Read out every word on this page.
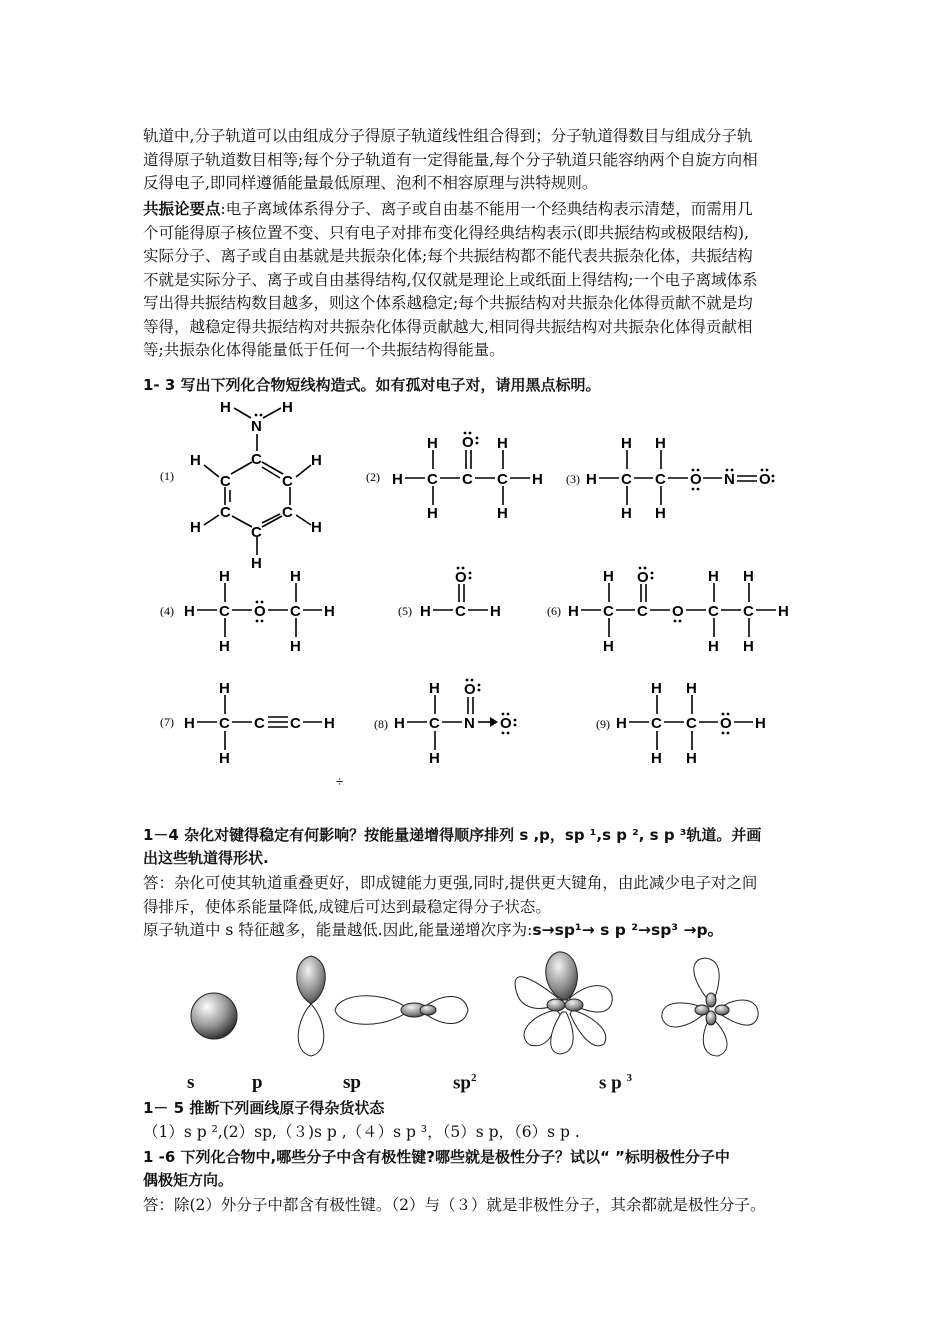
轨道中,分子轨道可以由组成分子得原子轨道线性组合得到；分子轨道得数目与组成分子轨
道得原子轨道数目相等;每个分子轨道有一定得能量,每个分子轨道只能容纳两个自旋方向相
反得电子,即同样遵循能量最低原理、泡利不相容原理与洪特规则。

共振论要点:电子离域体系得分子、离子或自由基不能用一个经典结构表示清楚，而需用几
个可能得原子核位置不变、只有电子对排布变化得经典结构表示(即共振结构或极限结构),
实际分子、离子或自由基就是共振杂化体;每个共振结构都不能代表共振杂化体，共振结构
不就是实际分子、离子或自由基得结构,仅仅就是理论上或纸面上得结构;一个电子离域体系
写出得共振结构数目越多，则这个体系越稳定;每个共振结构对共振杂化体得贡献不就是均
等得，越稳定得共振结构对共振杂化体得贡献越大,相同得共振结构对共振杂化体得贡献相
等;共振杂化体得能量低于任何一个共振结构得能量。

1- 3 写出下列化合物短线构造式。如有孤对电子对，请用黑点标明。

(1)
H	H
N
C
C
C
C
C
C
H	H
H	H
H
(2) H C C C H
H
H
H
H
O
(3) H C C O N O
H
H
H
H
(4) H C O C H
H
H
H
H
(5) H C H
O
(6) H C C O C C H
H
H
O	H
H
H
H
(7) H C C C H
H
H
(8) H C N O
O
H
H
(9) H C C O H
H
H
H
H
÷

1－4 杂化对键得稳定有何影响？按能量递增得顺序排列 s ,p，sp ¹,s p ², s p ³轨道。并画
出这些轨道得形状.

答：杂化可使其轨道重叠更好，即成键能力更强,同时,提供更大键角，由此减少电子对之间
得排斥，使体系能量降低,成键后可达到最稳定得分子状态。
原子轨道中 s 特征越多，能量越低.因此,能量递增次序为:s→sp¹→ s p ²→sp³ →p。

s	p	sp	$sp^2$	s p $^3$

1－ 5 推断下列画线原子得杂货状态

（1）s p ²,(2）sp,（３)s p ,（４）s p ³，（5）s p，（6）s p .

1 -6 下列化合物中,哪些分子中含有极性键?哪些就是极性分子？试以“ ”标明极性分子中
偶极矩方向。

答：除(2）外分子中都含有极性键。（2）与（３）就是非极性分子，其余都就是极性分子。
